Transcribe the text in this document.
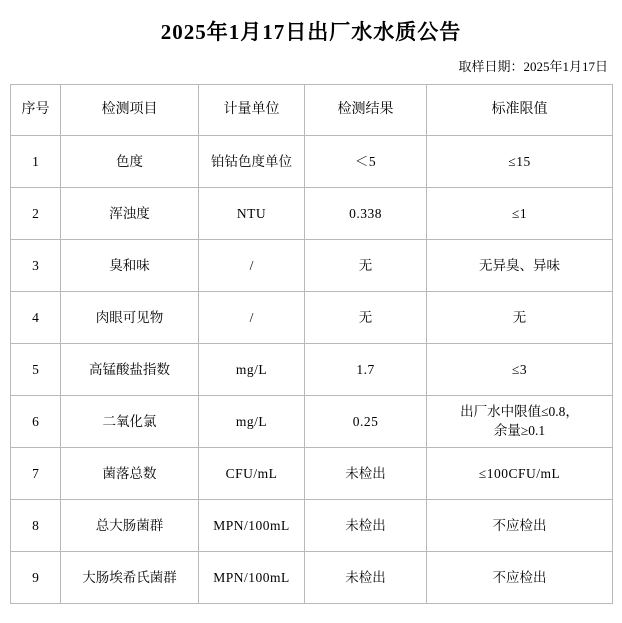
2025年1月17日出厂水水质公告
取样日期：2025年1月17日
序号	检测项目	计量单位	检测结果	标准限值
1	色度	铂钴色度单位	＜5	≤15
2	浑浊度	NTU	0.338	≤1
3	臭和味	/	无	无异臭、异味
4	肉眼可见物	/	无	无
5	高锰酸盐指数	mg/L	1.7	≤3
6	二氧化氯	mg/L	0.25	出厂水中限值≤0.8，
余量≥0.1

7	菌落总数	CFU/mL	未检出	≤100CFU/mL
8	总大肠菌群	MPN/100mL	未检出	不应检出
9	大肠埃希氏菌群	MPN/100mL	未检出	不应检出
